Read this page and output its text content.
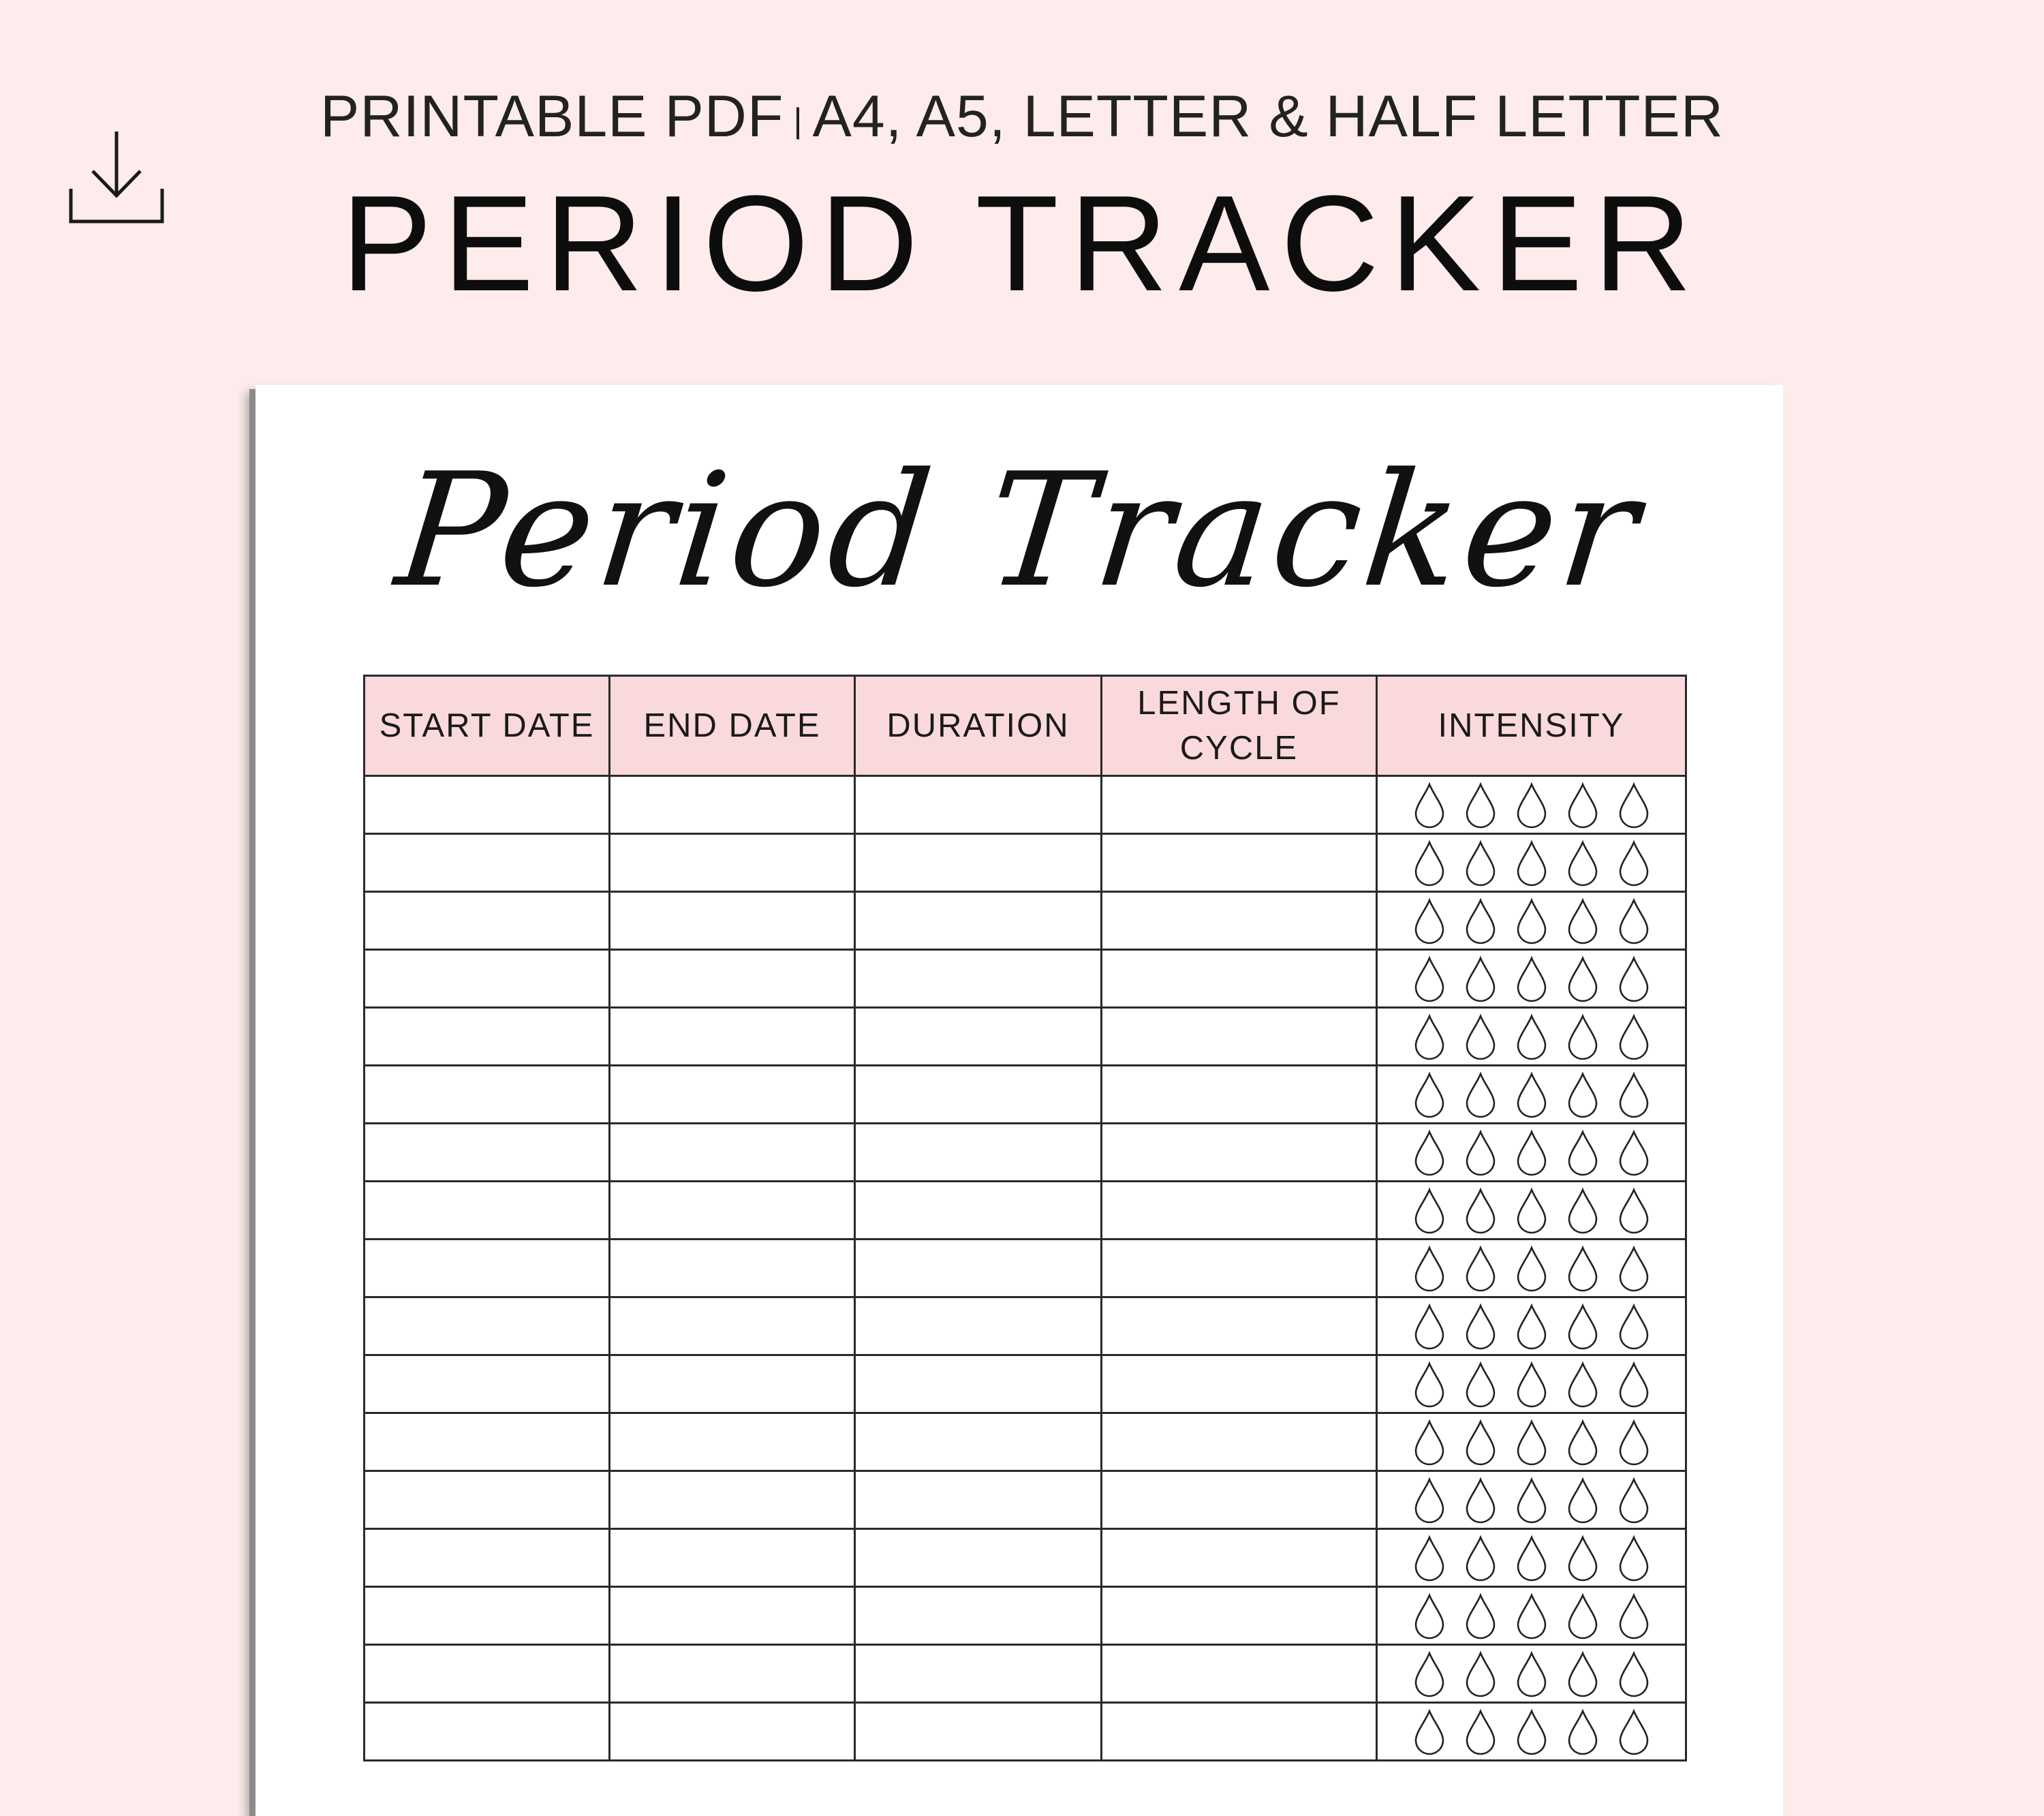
PRINTABLE PDF | A4, A5, LETTER & HALF LETTER
PERIOD TRACKER
Period Tracker
START DATE	END DATE	DURATION	LENGTH OF CYCLE	INTENSITY
